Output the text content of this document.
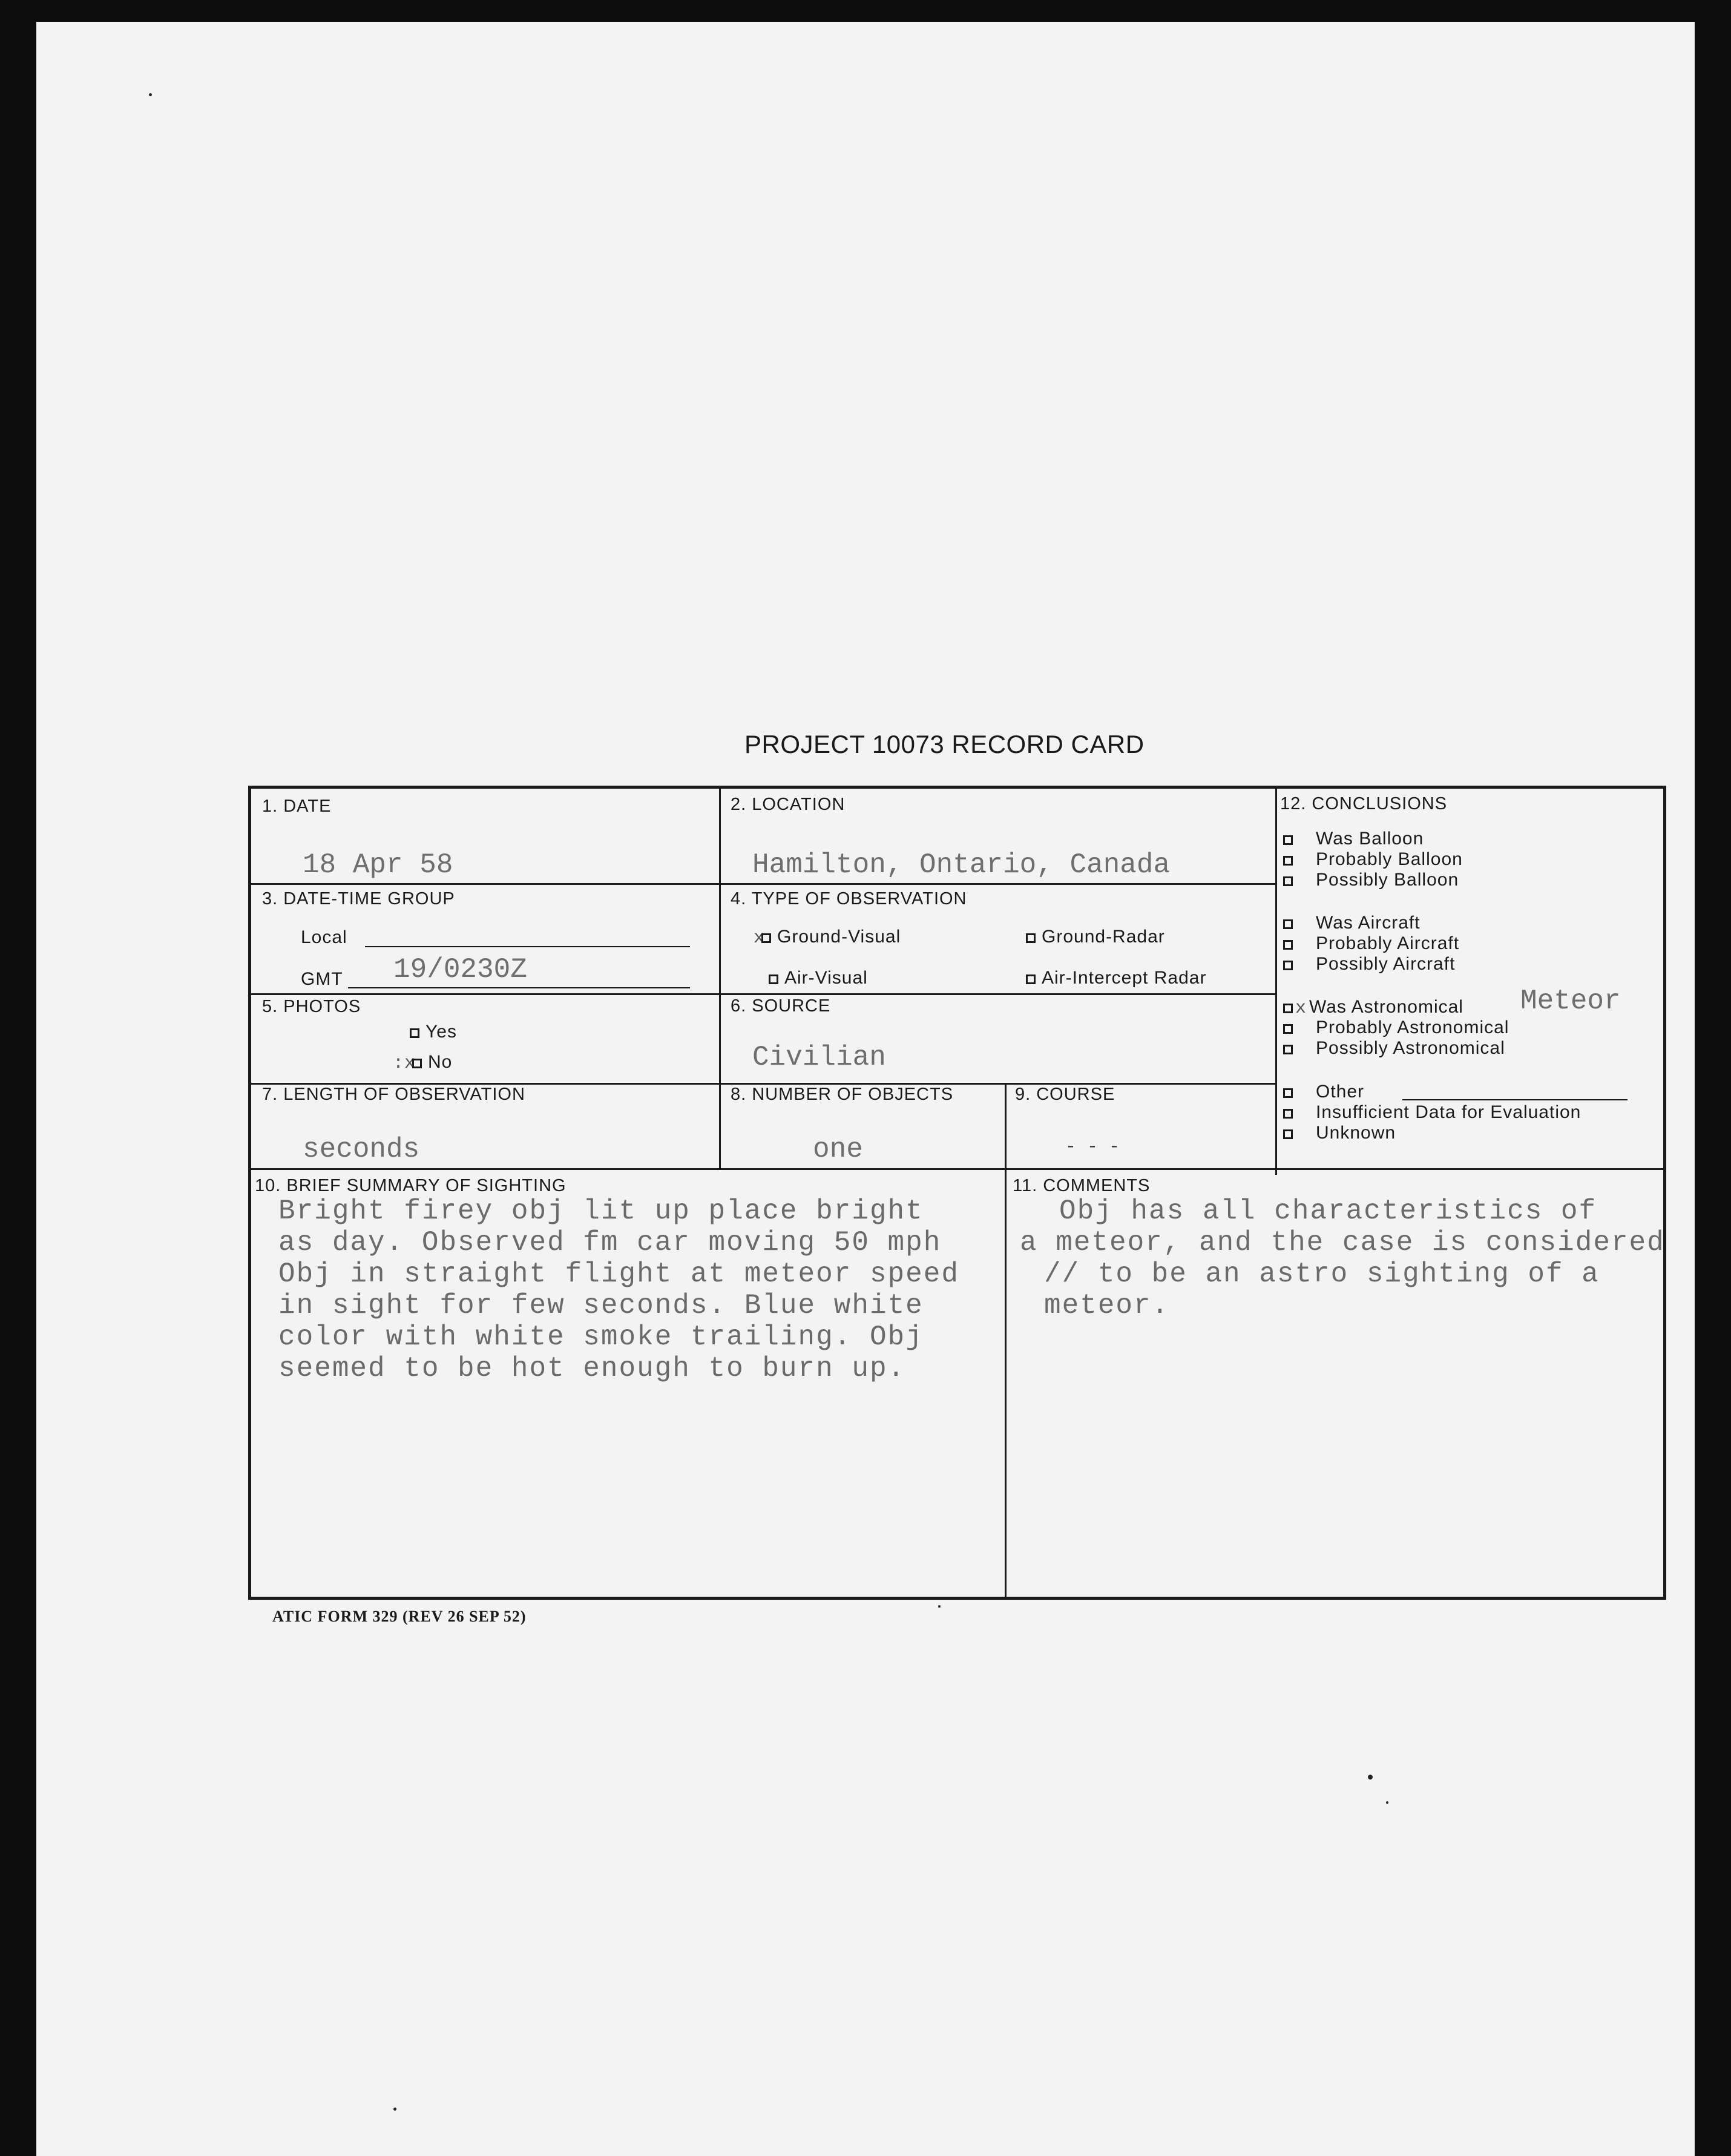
PROJECT 10073 RECORD CARD
1. DATE
18 Apr 58
2. LOCATION
Hamilton, Ontario, Canada
3. DATE-TIME GROUP
Local
GMT 19/0230Z
4. TYPE OF OBSERVATION
x Ground-Visual	Ground-Radar
Air-Visual	Air-Intercept Radar
5. PHOTOS
Yes
:x No
6. SOURCE
Civilian
7. LENGTH OF OBSERVATION
seconds
8. NUMBER OF OBJECTS
one
9. COURSE
- - -
10. BRIEF SUMMARY OF SIGHTING
Bright firey obj lit up place bright
as day. Observed fm car moving 50 mph
Obj in straight flight at meteor speed
in sight for few seconds. Blue white
color with white smoke trailing. Obj
seemed to be hot enough to burn up.
11. COMMENTS
Obj has all characteristics of
a meteor, and the case is considered
// to be an astro sighting of a
meteor.
12. CONCLUSIONS
Was Balloon
Probably Balloon
Possibly Balloon
Was Aircraft
Probably Aircraft
Possibly Aircraft
x Was Astronomical Meteor
Probably Astronomical
Possibly Astronomical
Other
Insufficient Data for Evaluation
Unknown
ATIC FORM 329 (REV 26 SEP 52)
